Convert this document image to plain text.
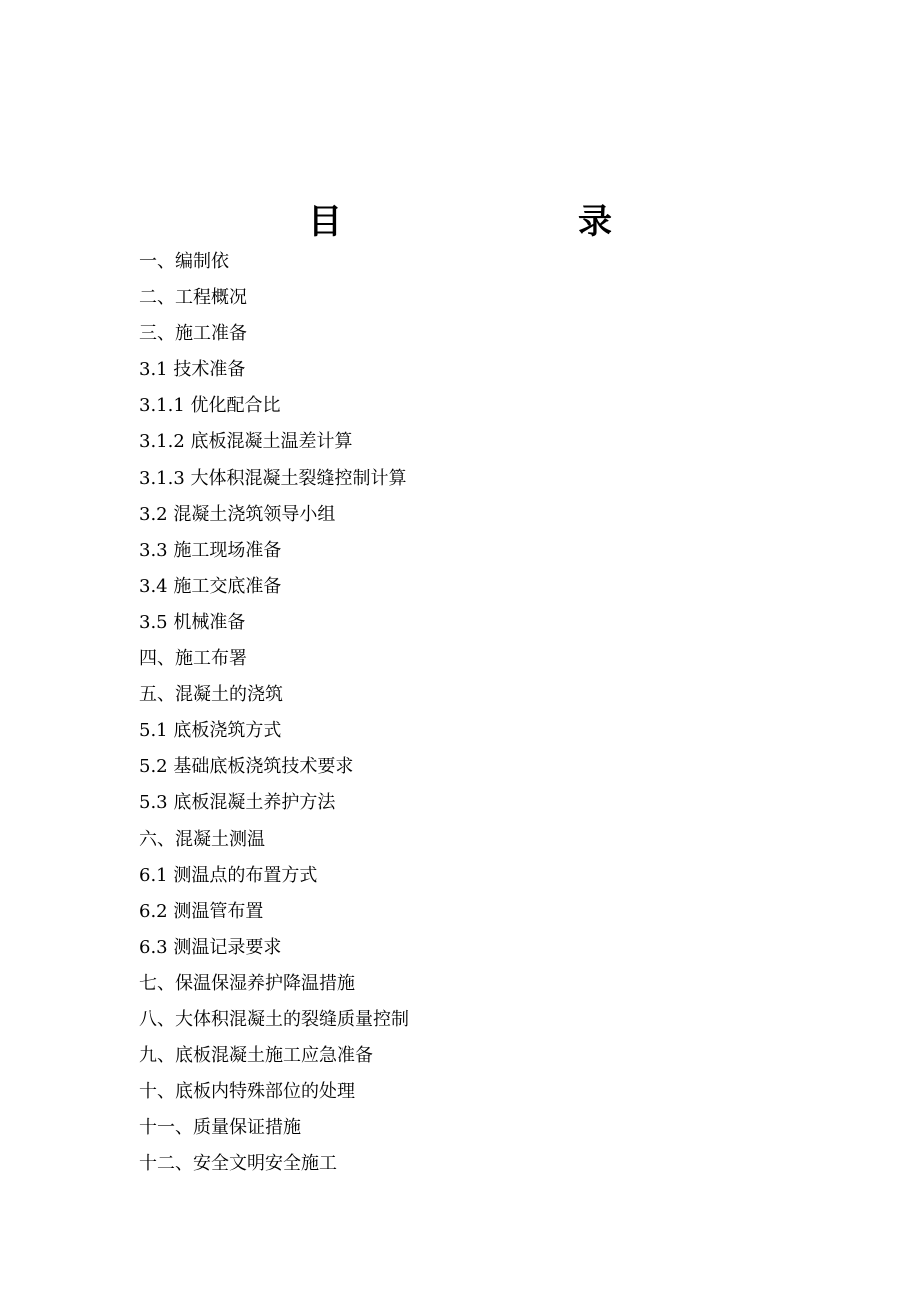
目	录
一、编制依
二、工程概况
三、施工准备
3.1 技术准备
3.1.1 优化配合比
3.1.2 底板混凝土温差计算
3.1.3 大体积混凝土裂缝控制计算
3.2 混凝土浇筑领导小组
3.3 施工现场准备
3.4 施工交底准备
3.5 机械准备
四、施工布署
五、混凝土的浇筑
5.1 底板浇筑方式
5.2 基础底板浇筑技术要求
5.3 底板混凝土养护方法
六、混凝土测温
6.1 测温点的布置方式
6.2 测温管布置
6.3 测温记录要求
七、保温保湿养护降温措施
八、大体积混凝土的裂缝质量控制
九、底板混凝土施工应急准备
十、底板内特殊部位的处理
十一、质量保证措施
十二、安全文明安全施工
